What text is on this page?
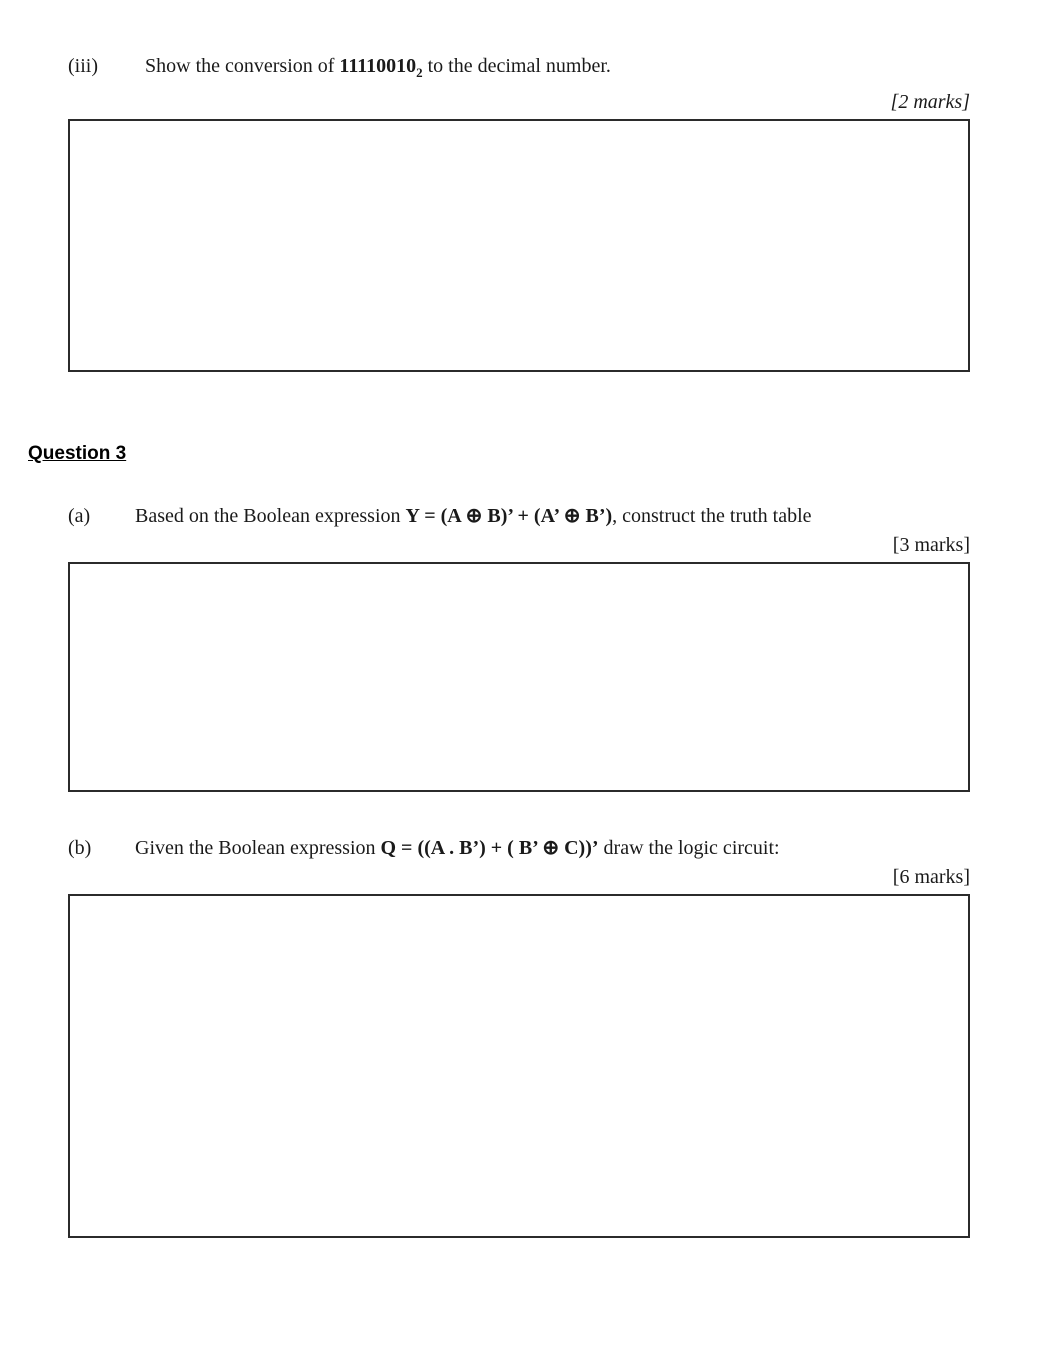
(iii)	Show the conversion of $11110010_2$ to the decimal number.
[2 marks]
Question 3
(a)	Based on the Boolean expression Y = (A ⊕ B)’ + (A’ ⊕ B’), construct the truth table
[3 marks]
(b)	Given the Boolean expression Q = ((A . B’) + ( B’ ⊕ C))’ draw the logic circuit:
[6 marks]
